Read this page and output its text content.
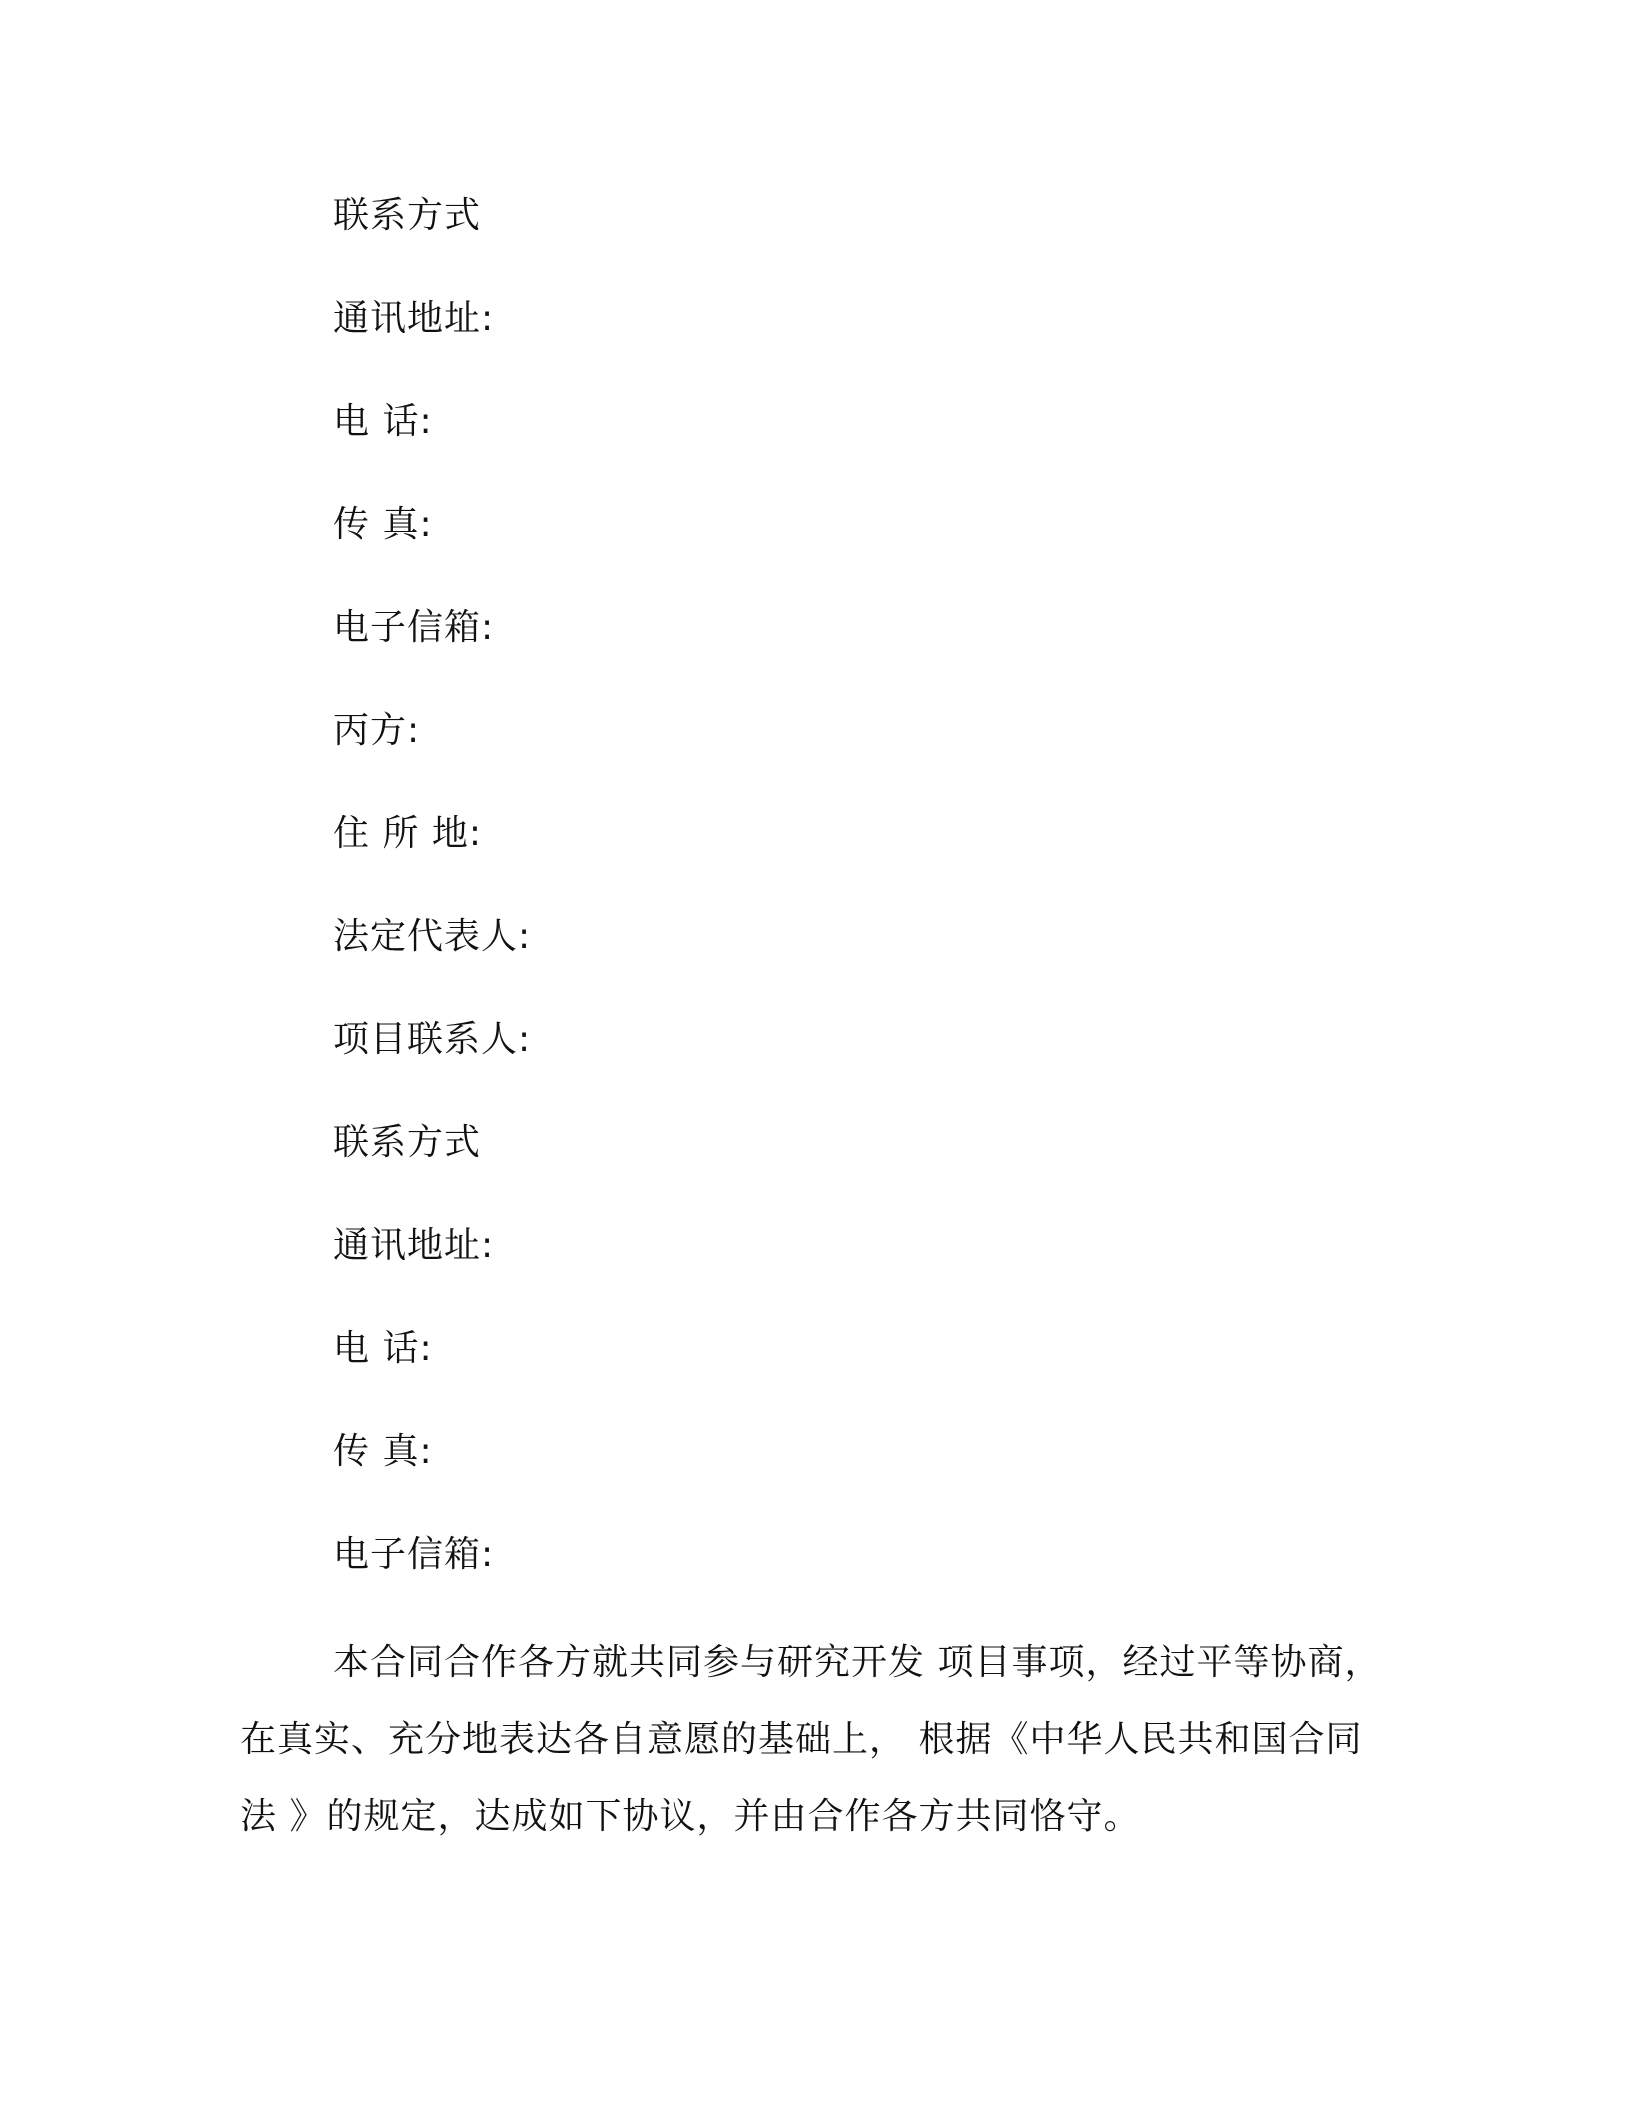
联系方式
通讯地址:
电 话:
传 真:
电子信箱:
丙方:
住 所 地:
法定代表人:
项目联系人:
联系方式
通讯地址:
电 话:
传 真:
电子信箱:
本合同合作各方就共同参与研究开发 项目事项，经过平等协商，
在真实、充分地表达各自意愿的基础上， 根据《中华人民共和国合同
法 》的规定，达成如下协议，并由合作各方共同恪守。
